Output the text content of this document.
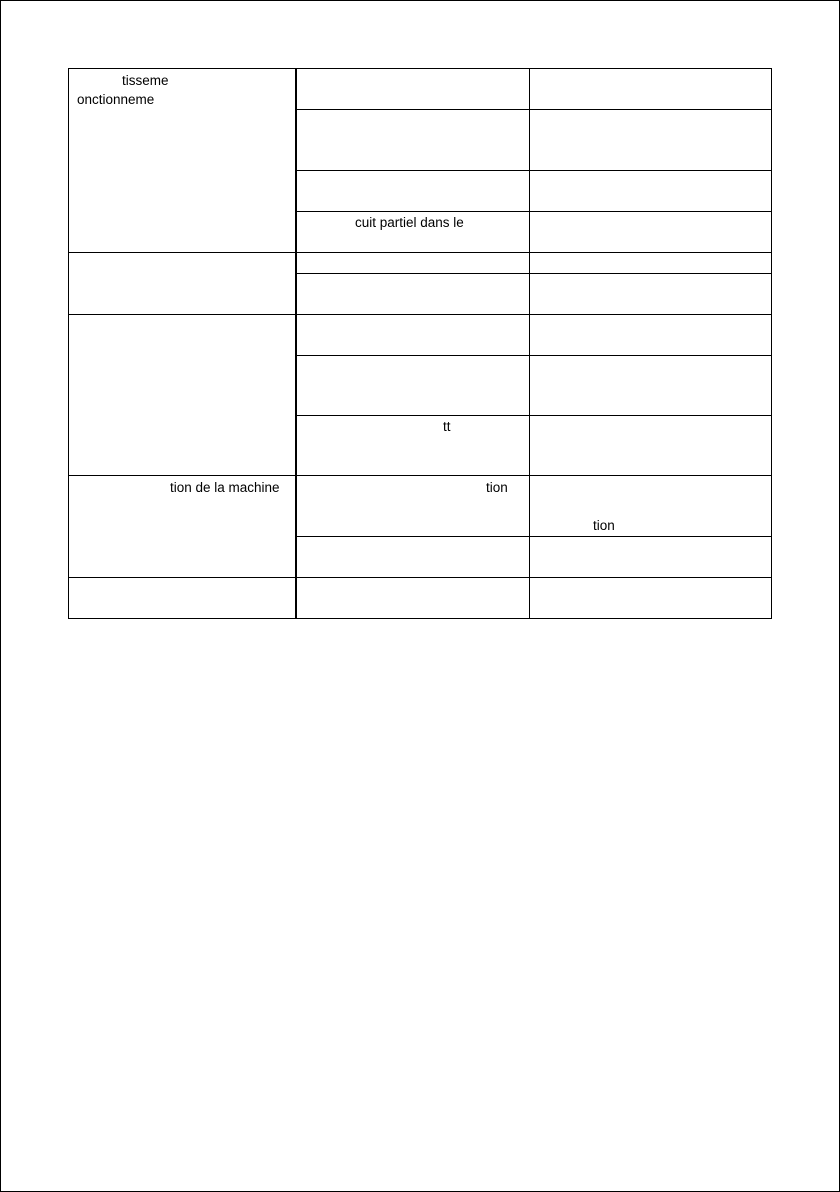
tisseme
onctionneme		

	cuit partiel dans le	

	tt	

tion de la machine	tion	tion
